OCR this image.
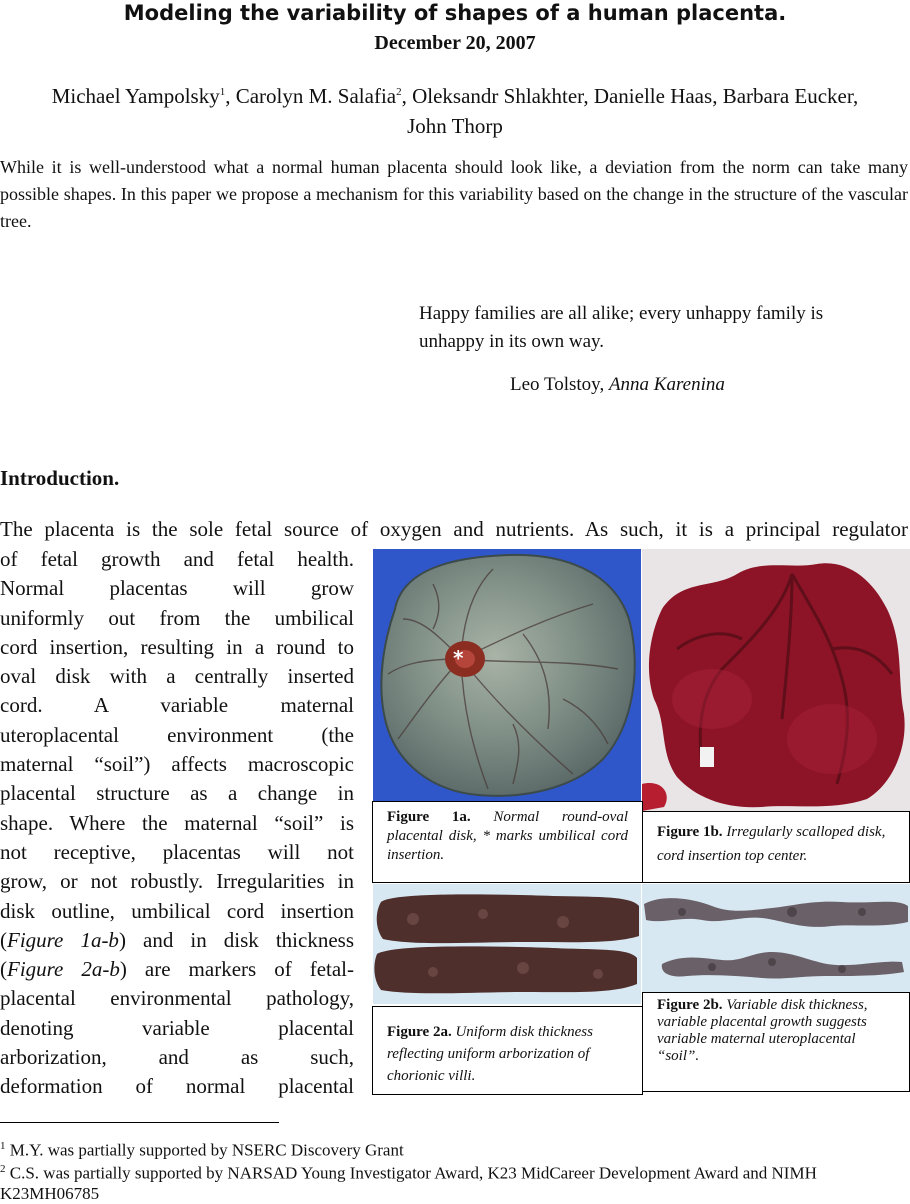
Modeling the variability of shapes of a human placenta.
December 20, 2007
Michael Yampolsky$^1$, Carolyn M. Salafia$^2$, Oleksandr Shlakhter, Danielle Haas, Barbara Eucker,
John Thorp
While it is well-understood what a normal human placenta should look like, a deviation from the norm can take many possible shapes. In this paper we propose a mechanism for this variability based on the change in the structure of the vascular tree.
Happy families are all alike; every unhappy family is unhappy in its own way.
Leo Tolstoy, Anna Karenina
Introduction.
The placenta is the sole fetal source of oxygen and nutrients. As such, it is a principal regulator
of fetal growth and fetal health.
Normal placentas will grow
uniformly out from the umbilical
cord insertion, resulting in a round to
oval disk with a centrally inserted
cord. A variable maternal
uteroplacental environment (the
maternal “soil”) affects macroscopic
placental structure as a change in
shape. Where the maternal “soil” is
not receptive, placentas will not
grow, or not robustly. Irregularities in
disk outline, umbilical cord insertion
(Figure 1a-b) and in disk thickness
(Figure 2a-b) are markers of fetal-
placental environmental pathology,
denoting variable placental
arborization, and as such,
deformation of normal placental
*
Figure 1a. Normal round-oval placental disk, * marks umbilical cord insertion.
Figure 1b. Irregularly scalloped disk, cord insertion top center.
Figure 2a. Uniform disk thickness reflecting uniform arborization of chorionic villi.
Figure 2b. Variable disk thickness, variable placental growth suggests variable maternal uteroplacental “soil”.
$^1$ M.Y. was partially supported by NSERC Discovery Grant
$^2$ C.S. was partially supported by NARSAD Young Investigator Award, K23 MidCareer Development Award and NIMH K23MH06785
